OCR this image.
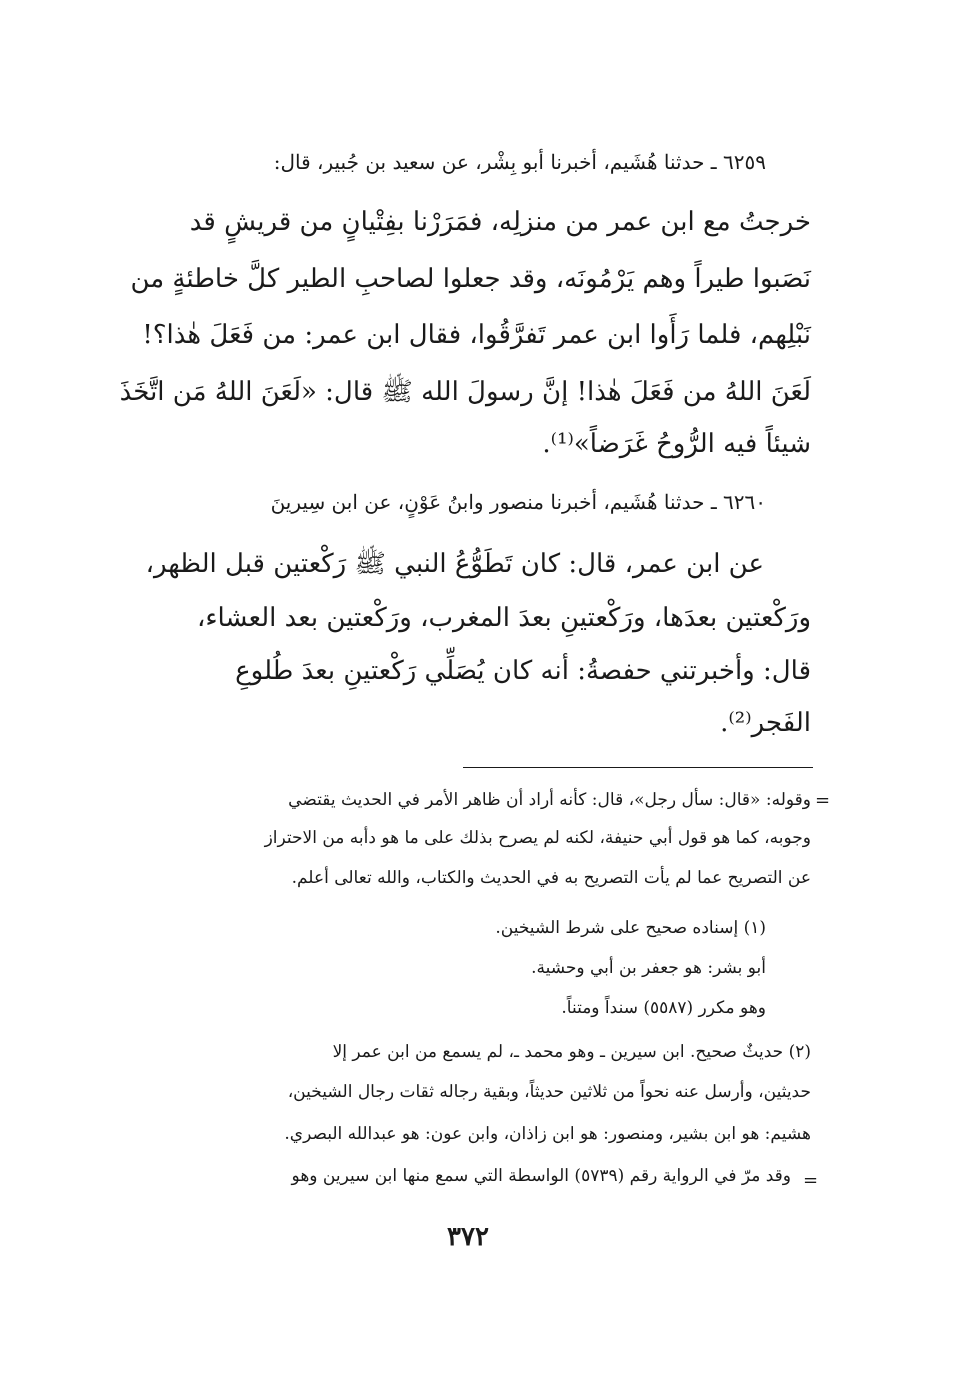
٦٢٥٩ ـ حدثنا هُشَيم، أخبرنا أبو بِشْر، عن سعيد بن جُبير، قال:
خرجتُ مع ابن عمر من منزلِه، فمَرَرْنا بفِتْيانٍ من قريشٍ قد
نَصَبوا طيراً وهم يَرْمُونَه، وقد جعلوا لصاحبِ الطير كلَّ خاطئةٍ من
نَبْلِهم، فلما رَأَوا ابن عمر تَفرَّقُوا، فقال ابن عمر: من فَعَلَ هٰذا؟!
لَعَنَ اللهُ من فَعَلَ هٰذا! إنَّ رسولَ الله ﷺ قال: «لَعَنَ اللهُ مَن اتَّخَذَ
شيئاً فيه الرُّوحُ غَرَضاً»⁽¹⁾.
٦٢٦٠ ـ حدثنا هُشَيم، أخبرنا منصور وابنُ عَوْنٍ، عن ابن سِيرينَ
عن ابن عمر، قال: كان تَطَوُّعُ النبي ﷺ رَكْعتين قبل الظهر،
ورَكْعتين بعدَها، ورَكْعتينِ بعدَ المغرب، ورَكْعتين بعد العشاء،
قال: وأخبرتني حفصةُ: أنه كان يُصَلِّي رَكْعتينِ بعدَ طُلوعِ
الفَجر⁽²⁾.
=
وقوله: «قال: سأل رجل»، قال: كأنه أراد أن ظاهر الأمر في الحديث يقتضي
وجوبه، كما هو قول أبي حنيفة، لكنه لم يصرح بذلك على ما هو دأبه من الاحتراز
عن التصريح عما لم يأت التصريح به في الحديث والكتاب، والله تعالى أعلم.
(١) إسناده صحيح على شرط الشيخين.
أبو بشر: هو جعفر بن أبي وحشية.
وهو مكرر (٥٥٨٧) سنداً ومتناً.
(٢) حديثٌ صحيح. ابن سيرين ـ وهو محمد ـ، لم يسمع من ابن عمر إلا
حديثين، وأرسل عنه نحواً من ثلاثين حديثاً، وبقية رجاله ثقات رجال الشيخين،
هشيم: هو ابن بشير، ومنصور: هو ابن زاذان، وابن عون: هو عبدالله البصري.
وقد مرّ في الرواية رقم (٥٧٣٩) الواسطة التي سمع منها ابن سيرين وهو =
٣٧٢
